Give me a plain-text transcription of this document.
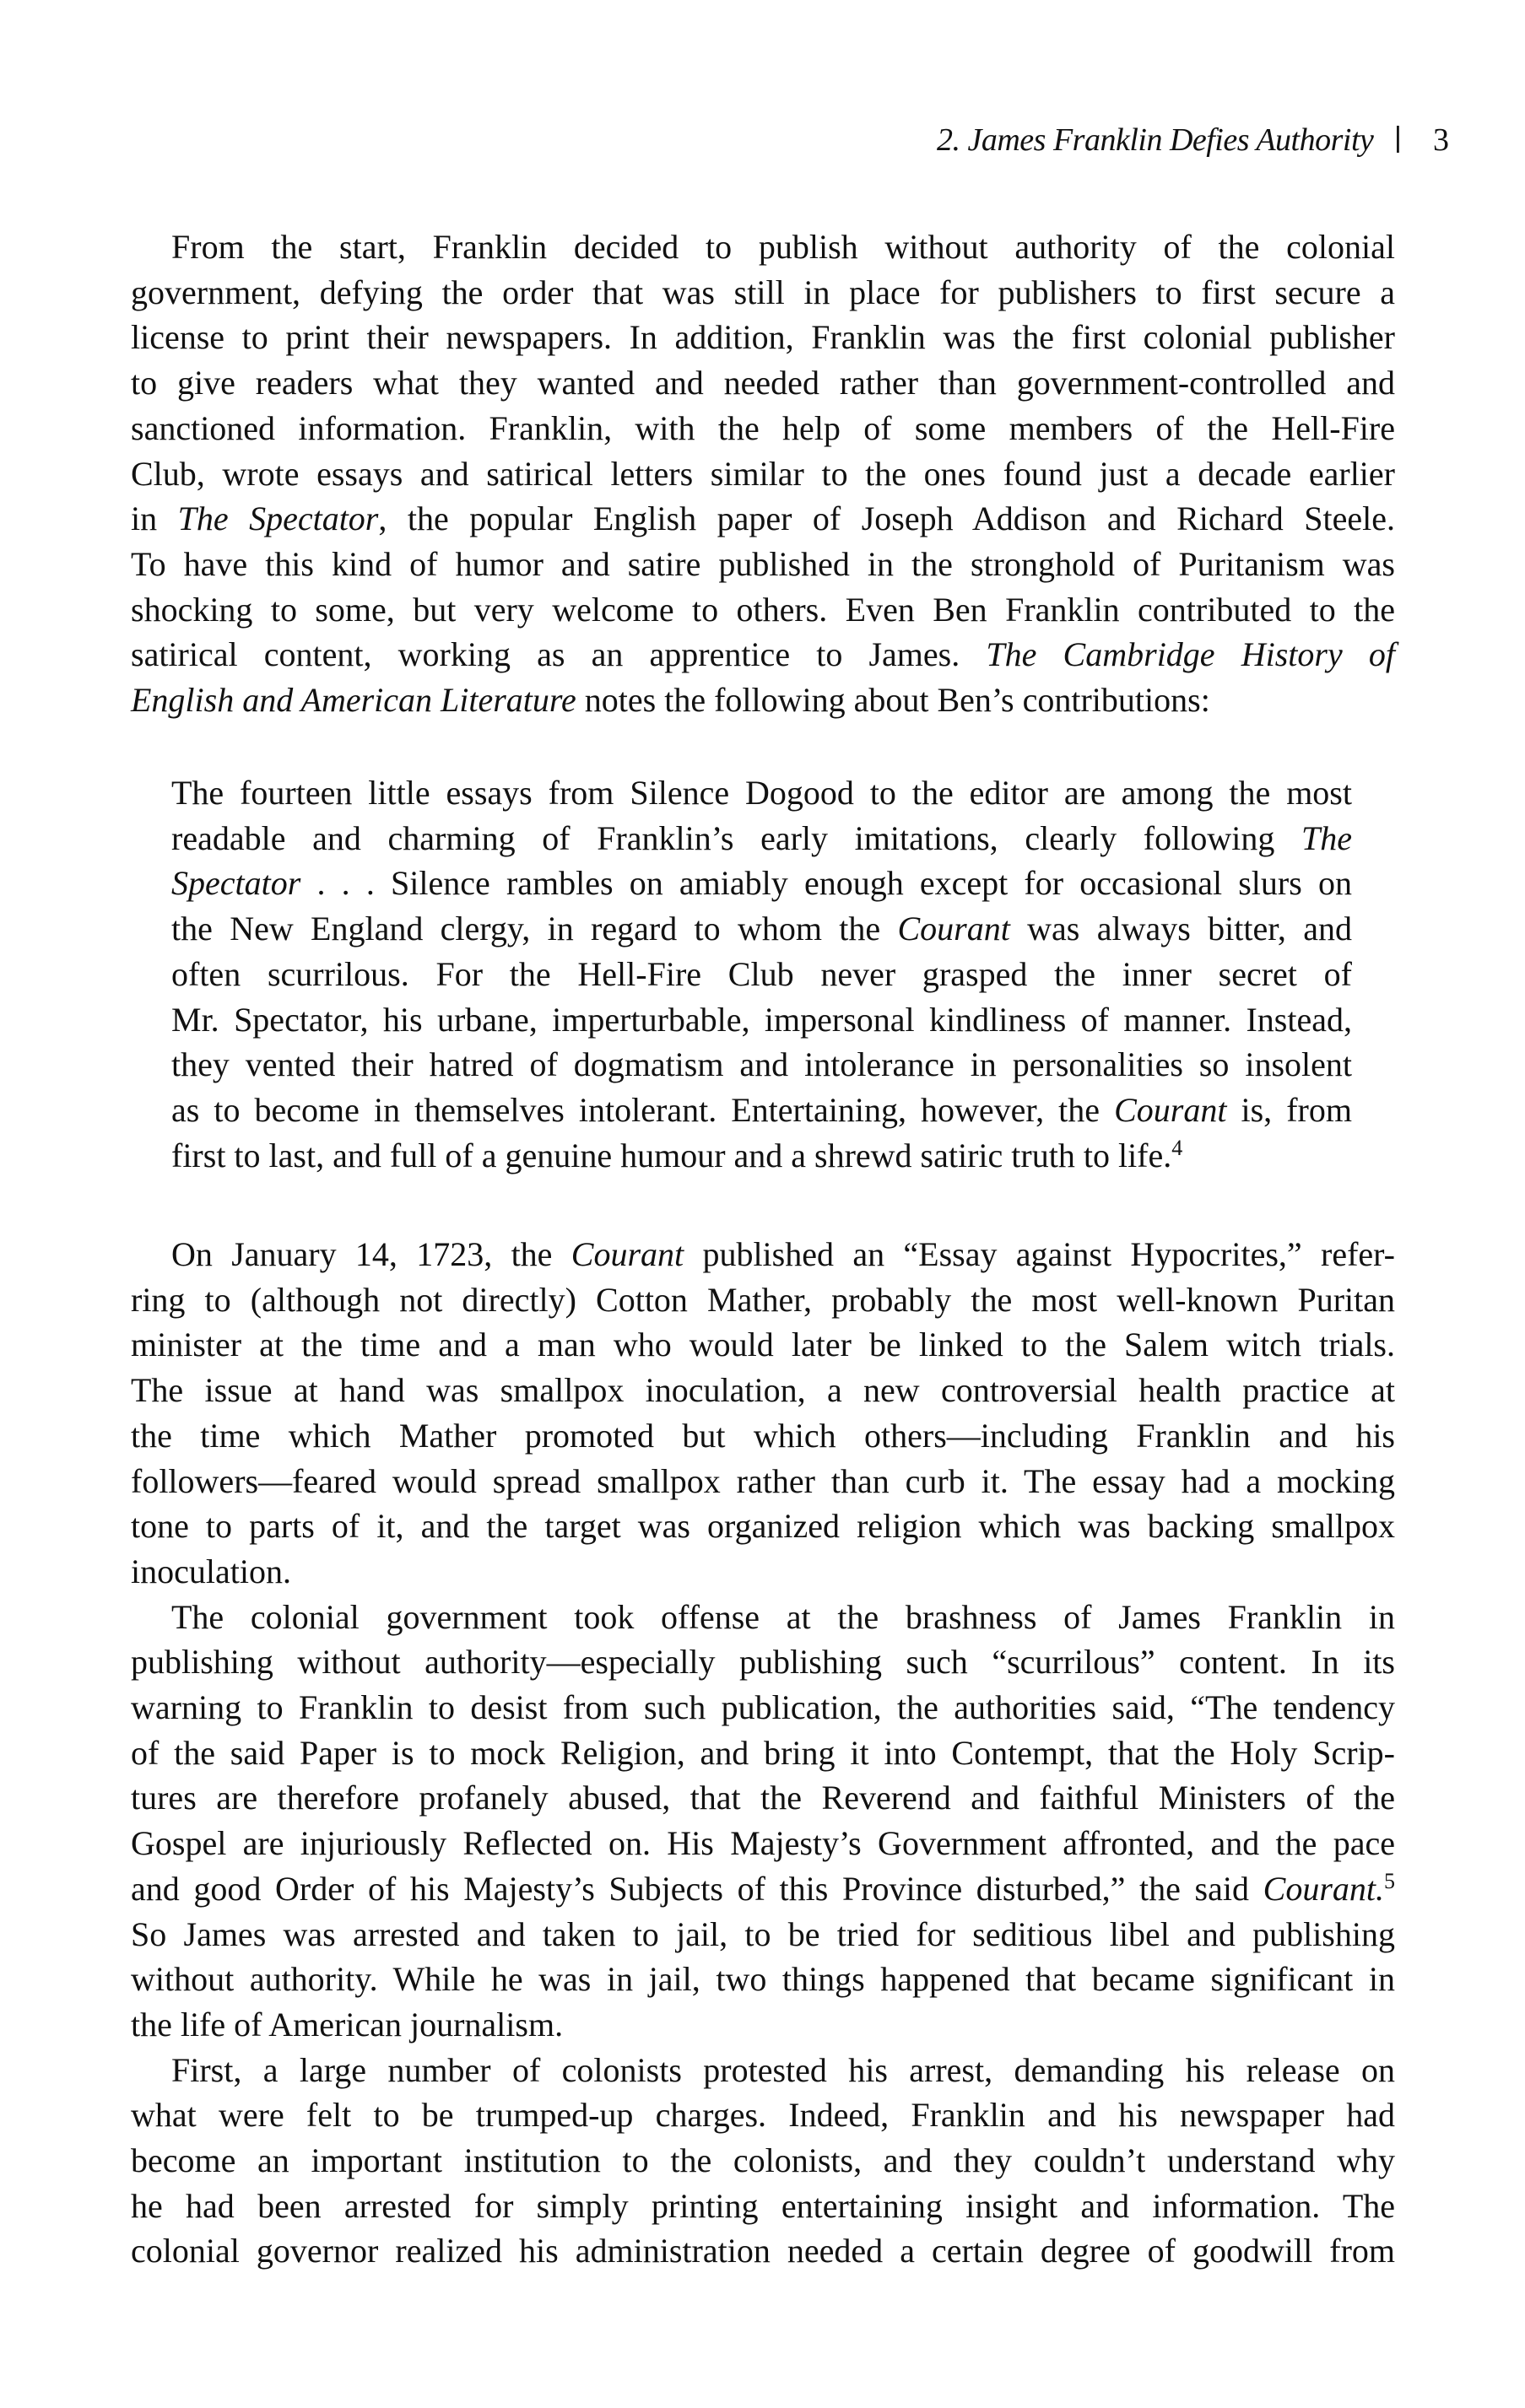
2. James Franklin Defies Authority | 3
From the start, Franklin decided to publish without authority of the colonial
government, defying the order that was still in place for publishers to first secure a
license to print their newspapers. In addition, Franklin was the first colonial publisher
to give readers what they wanted and needed rather than government-controlled and
sanctioned information. Franklin, with the help of some members of the Hell-Fire
Club, wrote essays and satirical letters similar to the ones found just a decade earlier
in The Spectator, the popular English paper of Joseph Addison and Richard Steele.
To have this kind of humor and satire published in the stronghold of Puritanism was
shocking to some, but very welcome to others. Even Ben Franklin contributed to the
satirical content, working as an apprentice to James. The Cambridge History of
English and American Literature notes the following about Ben’s contributions:
The fourteen little essays from Silence Dogood to the editor are among the most
readable and charming of Franklin’s early imitations, clearly following The
Spectator . . . Silence rambles on amiably enough except for occasional slurs on
the New England clergy, in regard to whom the Courant was always bitter, and
often scurrilous. For the Hell-Fire Club never grasped the inner secret of
Mr. Spectator, his urbane, imperturbable, impersonal kindliness of manner. Instead,
they vented their hatred of dogmatism and intolerance in personalities so insolent
as to become in themselves intolerant. Entertaining, however, the Courant is, from
first to last, and full of a genuine humour and a shrewd satiric truth to life.$^4$
On January 14, 1723, the Courant published an “Essay against Hypocrites,” refer-
ring to (although not directly) Cotton Mather, probably the most well-known Puritan
minister at the time and a man who would later be linked to the Salem witch trials.
The issue at hand was smallpox inoculation, a new controversial health practice at
the time which Mather promoted but which others—including Franklin and his
followers—feared would spread smallpox rather than curb it. The essay had a mocking
tone to parts of it, and the target was organized religion which was backing smallpox
inoculation.
The colonial government took offense at the brashness of James Franklin in
publishing without authority—especially publishing such “scurrilous” content. In its
warning to Franklin to desist from such publication, the authorities said, “The tendency
of the said Paper is to mock Religion, and bring it into Contempt, that the Holy Scrip-
tures are therefore profanely abused, that the Reverend and faithful Ministers of the
Gospel are injuriously Reflected on. His Majesty’s Government affronted, and the pace
and good Order of his Majesty’s Subjects of this Province disturbed,” the said Courant.$^5$
So James was arrested and taken to jail, to be tried for seditious libel and publishing
without authority. While he was in jail, two things happened that became significant in
the life of American journalism.
First, a large number of colonists protested his arrest, demanding his release on
what were felt to be trumped-up charges. Indeed, Franklin and his newspaper had
become an important institution to the colonists, and they couldn’t understand why
he had been arrested for simply printing entertaining insight and information. The
colonial governor realized his administration needed a certain degree of goodwill from
